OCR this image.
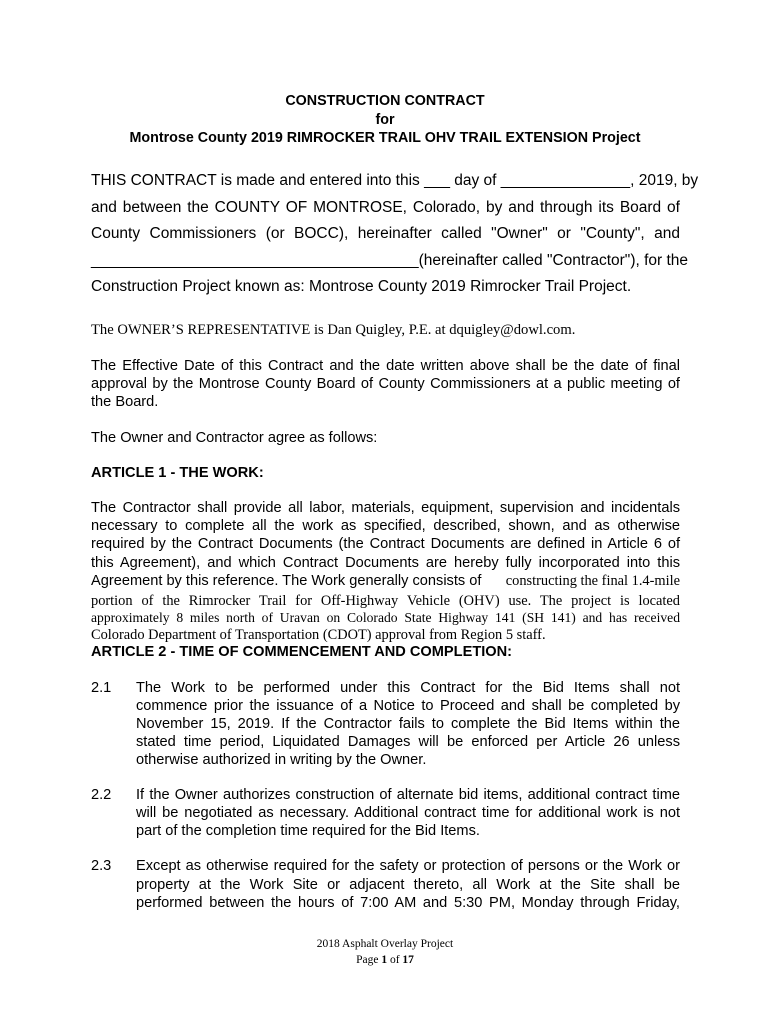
CONSTRUCTION CONTRACT
for
Montrose County 2019 RIMROCKER TRAIL OHV TRAIL EXTENSION Project
THIS CONTRACT is made and entered into this ___ day of _______________, 2019, by
and between the COUNTY OF MONTROSE, Colorado, by and through its Board of
County Commissioners (or BOCC), hereinafter called "Owner" or "County", and
______________________________________(hereinafter called "Contractor"), for the
Construction Project known as: Montrose County 2019 Rimrocker Trail Project.
The OWNER’S REPRESENTATIVE is Dan Quigley, P.E. at dquigley@dowl.com.
The Effective Date of this Contract and the date written above shall be the date of final
approval by the Montrose County Board of County Commissioners at a public meeting of
the Board.
The Owner and Contractor agree as follows:
ARTICLE 1 - THE WORK:
The Contractor shall provide all labor, materials, equipment, supervision and incidentals
necessary to complete all the work as specified, described, shown, and as otherwise
required by the Contract Documents (the Contract Documents are defined in Article 6 of
this Agreement), and which Contract Documents are hereby fully incorporated into this
Agreement by this reference. The Work generally consists of constructing the final 1.4-mile
portion of the Rimrocker Trail for Off-Highway Vehicle (OHV) use. The project is located
approximately 8 miles north of Uravan on Colorado State Highway 141 (SH 141) and has received
Colorado Department of Transportation (CDOT) approval from Region 5 staff.
ARTICLE 2 - TIME OF COMMENCEMENT AND COMPLETION:
2.1 The Work to be performed under this Contract for the Bid Items shall not
commence prior the issuance of a Notice to Proceed and shall be completed by
November 15, 2019. If the Contractor fails to complete the Bid Items within the
stated time period, Liquidated Damages will be enforced per Article 26 unless
otherwise authorized in writing by the Owner.
2.2 If the Owner authorizes construction of alternate bid items, additional contract time
will be negotiated as necessary. Additional contract time for additional work is not
part of the completion time required for the Bid Items.
2.3 Except as otherwise required for the safety or protection of persons or the Work or
property at the Work Site or adjacent thereto, all Work at the Site shall be
performed between the hours of 7:00 AM and 5:30 PM, Monday through Friday,
2018 Asphalt Overlay Project
Page 1 of 17
